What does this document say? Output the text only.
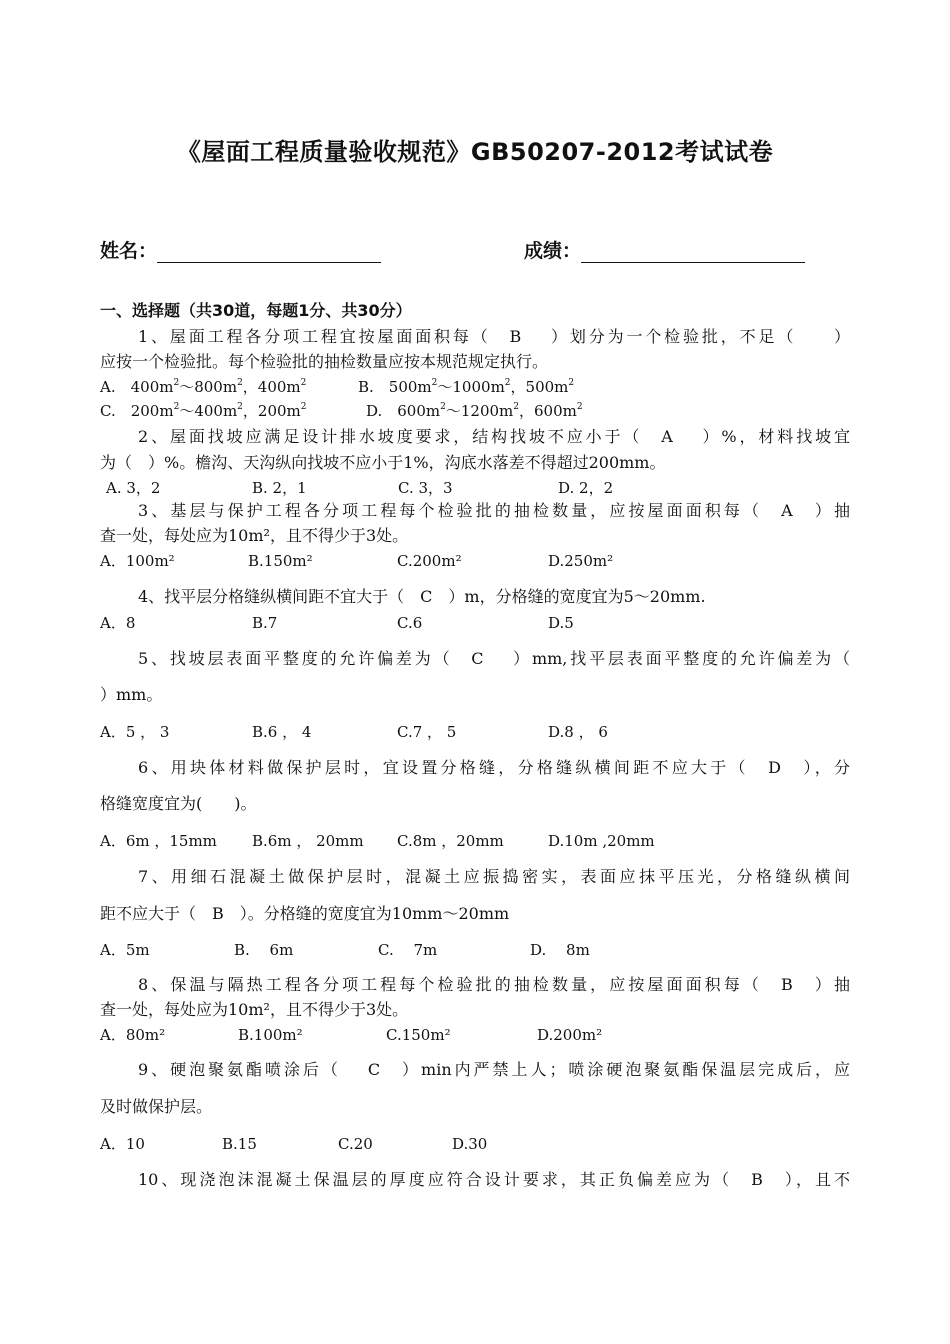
《屋面工程质量验收规范》GB50207-2012考试试卷
姓名：	成绩：
一、选择题（共30道，每题1分、共30分）
1、屋面工程各分项工程宜按屋面面积每（　B　 ）划分为一个检验批，不足（　　）
应按一个检验批。每个检验批的抽检数量应按本规范规定执行。
A.　$400m^2\sim 800m^2$，$400m^2$	B.　$500m^2\sim 1000m^2$，$500m^2$
C.　$200m^2\sim 400m^2$，$200m^2$	D.　$600m^2\sim 1200m^2$，$600m^2$
2、屋面找坡应满足设计排水坡度要求，结构找坡不应小于（　A　 ）%，材料找坡宜
为（　）%。檐沟、天沟纵向找坡不应小于1%，沟底水落差不得超过200mm。
A. 3，2	B. 2，1	C. 3，3	D. 2，2
3、基层与保护工程各分项工程每个检验批的抽检数量，应按屋面面积每（　A　）抽
查一处，每处应为10m²，且不得少于3处。
A．100m²	B.150m²	C.200m²	D.250m²
4、找平层分格缝纵横间距不宜大于（　C　）m，分格缝的宽度宜为5～20mm.
A．8	B.7	C.6	D.5
5、找坡层表面平整度的允许偏差为（　C　 ）mm,找平层表面平整度的允许偏差为（
）mm。
A．5 ， 3	B.6 ， 4	C.7 ， 5	D.8 ， 6
6、用块体材料做保护层时，宜设置分格缝，分格缝纵横间距不应大于（　D　），分
格缝宽度宜为(　　)。
A．6m ，15mm B.6m ， 20mm C.8m ，20mm	D.10m ,20mm
7、用细石混凝土做保护层时，混凝土应振捣密实，表面应抹平压光，分格缝纵横间
距不应大于（　B　）。分格缝的宽度宜为10mm～20mm
A．5m	B.　 6m	C.　 7m	D.　 8m
8、保温与隔热工程各分项工程每个检验批的抽检数量，应按屋面面积每（　B　）抽
查一处，每处应为10m²，且不得少于3处。
A．80m²	B.100m²	C.150m²	D.200m²
9、硬泡聚氨酯喷涂后（　 C　）min内严禁上人；喷涂硬泡聚氨酯保温层完成后，应
及时做保护层。
A．10	B.15	C.20	D.30
10、现浇泡沫混凝土保温层的厚度应符合设计要求，其正负偏差应为（　B　），且不
